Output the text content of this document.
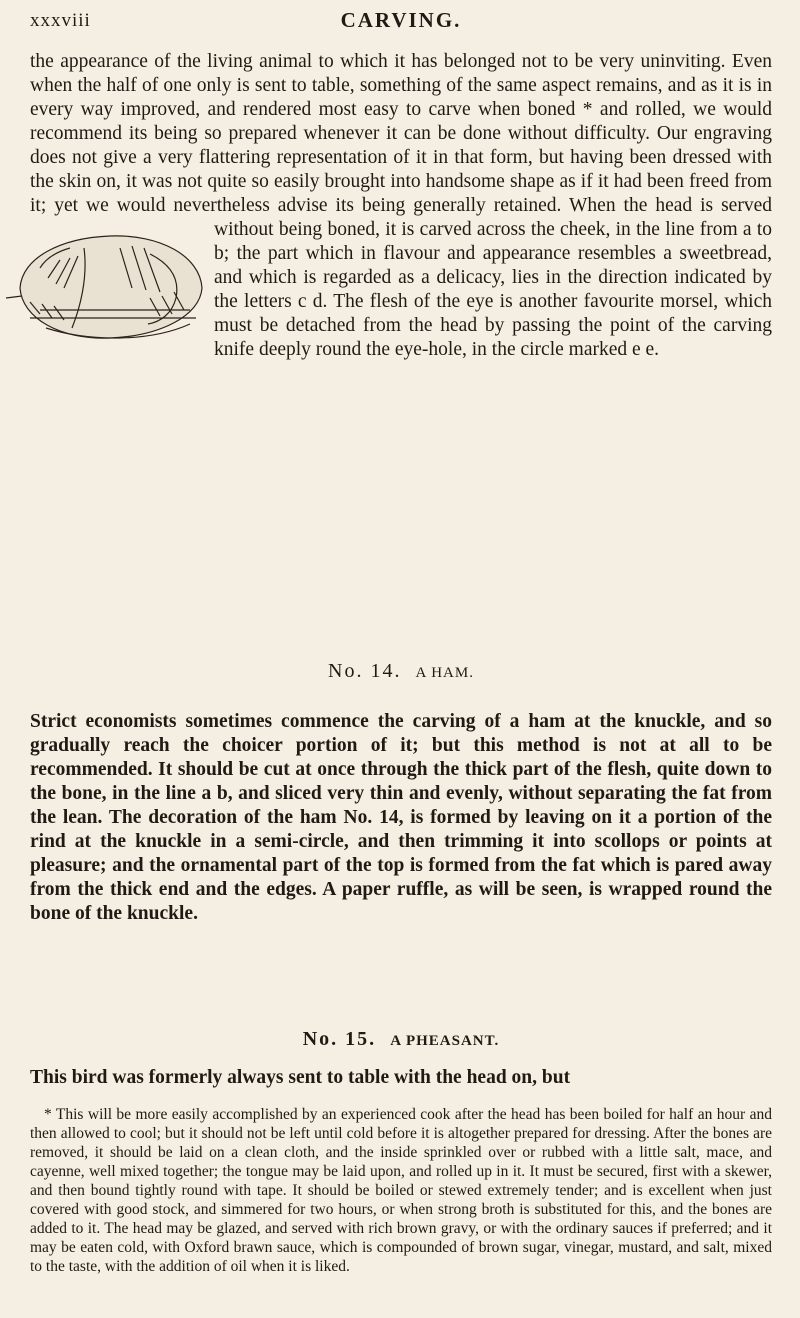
xxxviii	CARVING.

the appearance of the living animal to which it has belonged not to be very uninviting. Even when the half of one only is sent to table, something of the same aspect remains, and as it is in every way improved, and rendered most easy to carve when boned * and rolled, we would recommend its being so prepared whenever it can be done without difficulty. Our engraving does not give a very flattering representation of it in that form, but having been dressed with the skin on, it was not quite so easily brought into handsome shape as if it had been freed from it; yet we would nevertheless advise its being generally retained. When the head is served without being boned, it is carved across the cheek, in the line from a to b; the part which in flavour and appearance resembles a sweetbread, and which is regarded as a delicacy, lies in the direction indicated by the letters c d. The flesh of the eye is another favourite morsel, which must be detached from the head by passing the point of the carving knife deeply round the eye-hole, in the circle marked e e.

No. 14. A HAM.

Strict economists sometimes commence the carving of a ham at the knuckle, and so gradually reach the choicer portion of it; but this method is not at all to be recommended. It should be cut at once through the thick part of the flesh, quite down to the bone, in the line a b, and sliced very thin and evenly, without separating the fat from the lean. The decoration of the ham No. 14, is formed by leaving on it a portion of the rind at the knuckle in a semi-circle, and then trimming it into scollops or points at pleasure; and the ornamental part of the top is formed from the fat which is pared away from the thick end and the edges. A paper ruffle, as will be seen, is wrapped round the bone of the knuckle.

No. 15. A PHEASANT.

This bird was formerly always sent to table with the head on, but

* This will be more easily accomplished by an experienced cook after the head has been boiled for half an hour and then allowed to cool; but it should not be left until cold before it is altogether prepared for dressing. After the bones are removed, it should be laid on a clean cloth, and the inside sprinkled over or rubbed with a little salt, mace, and cayenne, well mixed together; the tongue may be laid upon, and rolled up in it. It must be secured, first with a skewer, and then bound tightly round with tape. It should be boiled or stewed extremely tender; and is excellent when just covered with good stock, and simmered for two hours, or when strong broth is substituted for this, and the bones are added to it. The head may be glazed, and served with rich brown gravy, or with the ordinary sauces if preferred; and it may be eaten cold, with Oxford brawn sauce, which is compounded of brown sugar, vinegar, mustard, and salt, mixed to the taste, with the addition of oil when it is liked.
